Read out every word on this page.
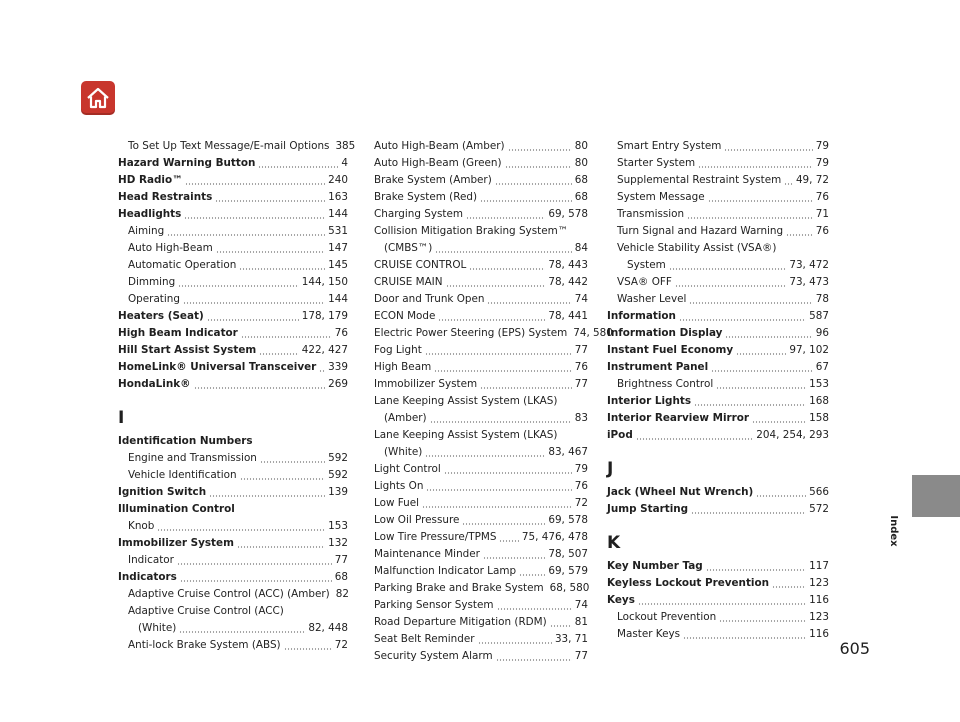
Index
To Set Up Text Message/E-mail Options 385
Hazard Warning Button	4
HD Radio™	240
Head Restraints	163
Headlights	144
Aiming	531
Auto High-Beam	147
Automatic Operation	145
Dimming	144, 150
Operating	144
Heaters (Seat)	178, 179
High Beam Indicator	76
Hill Start Assist System	422, 427
HomeLink® Universal Transceiver 339
HondaLink®	269
I
Identification Numbers
Engine and Transmission	592
Vehicle Identification	592
Ignition Switch	139
Illumination Control
Knob	153
Immobilizer System	132
Indicator	77
Indicators	68
Adaptive Cruise Control (ACC) (Amber) 82
Adaptive Cruise Control (ACC)
(White)	82, 448
Anti-lock Brake System (ABS)	72
Auto High-Beam (Amber)	80
Auto High-Beam (Green)	80
Brake System (Amber)	68
Brake System (Red)	68
Charging System	69, 578
Collision Mitigation Braking System™
(CMBS™)	84
CRUISE CONTROL	78, 443
CRUISE MAIN	78, 442
Door and Trunk Open	74
ECON Mode	78, 441
Electric Power Steering (EPS) System 74, 580
Fog Light	77
High Beam	76
Immobilizer System	77
Lane Keeping Assist System (LKAS)
(Amber)	83
Lane Keeping Assist System (LKAS)
(White)	83, 467
Light Control	79
Lights On	76
Low Fuel	72
Low Oil Pressure	69, 578
Low Tire Pressure/TPMS 75, 476, 478
Maintenance Minder	78, 507
Malfunction Indicator Lamp	69, 579
Parking Brake and Brake System 68, 580
Parking Sensor System	74
Road Departure Mitigation (RDM)	81
Seat Belt Reminder	33, 71
Security System Alarm	77
Smart Entry System	79
Starter System	79
Supplemental Restraint System 49, 72
System Message	76
Transmission	71
Turn Signal and Hazard Warning	76
Vehicle Stability Assist (VSA®)
System	73, 472
VSA® OFF	73, 473
Washer Level	78
Information	587
Information Display	96
Instant Fuel Economy	97, 102
Instrument Panel	67
Brightness Control	153
Interior Lights	168
Interior Rearview Mirror	158
iPod	204, 254, 293
J
Jack (Wheel Nut Wrench)	566
Jump Starting	572
K
Key Number Tag	117
Keyless Lockout Prevention	123
Keys	116
Lockout Prevention	123
Master Keys	116
605
